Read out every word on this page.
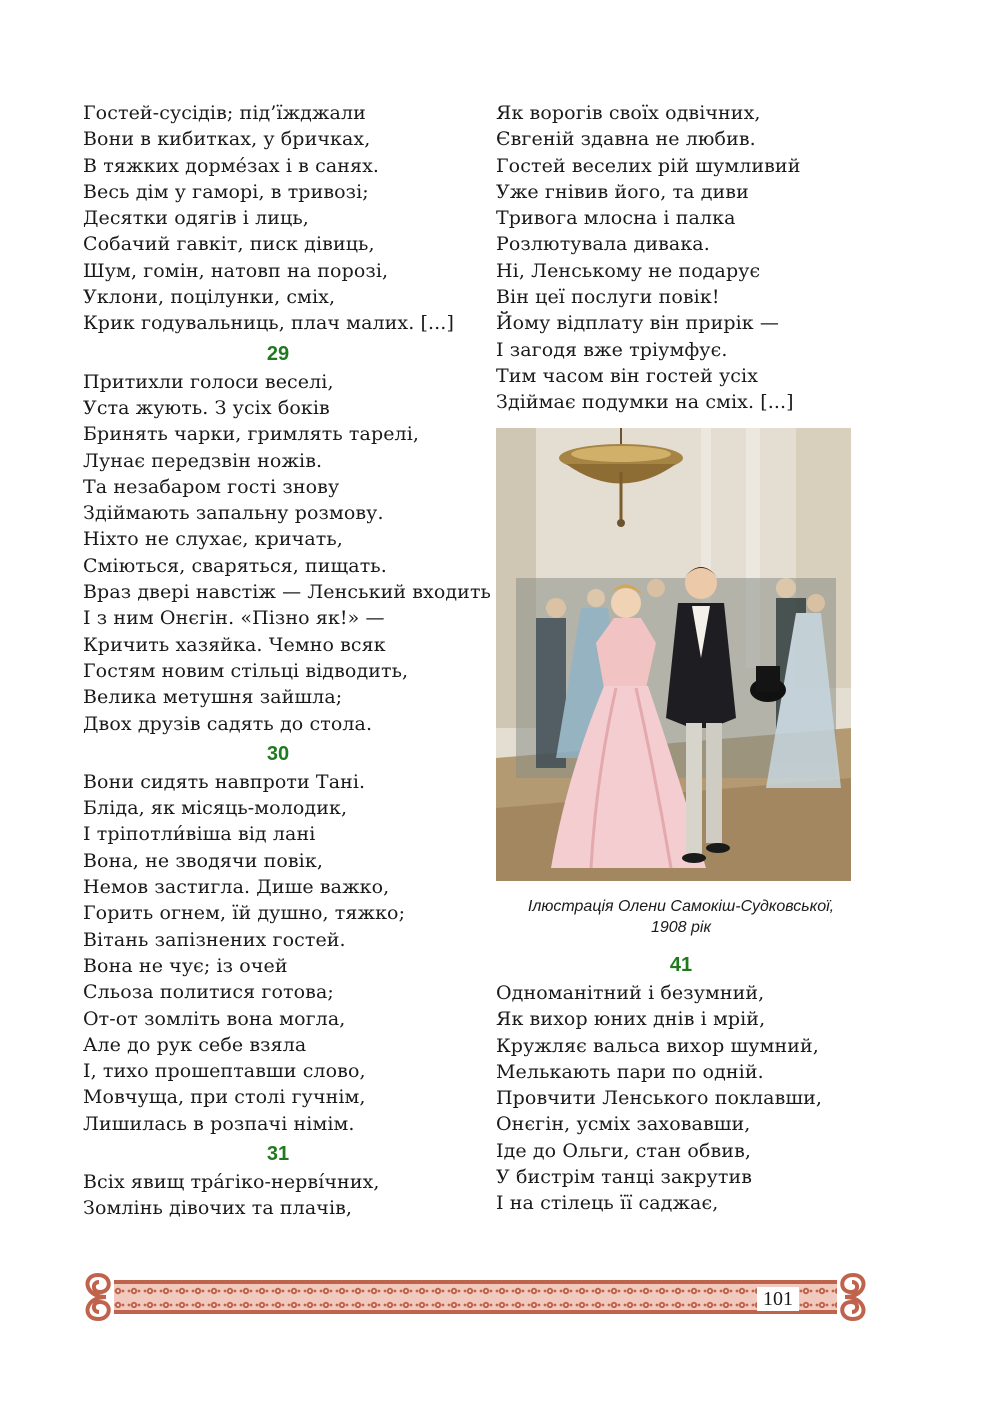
Гостей-сусідів; під’їжджали
Вони в кибитках, у бричках,
В тяжких дорме́зах і в санях.
Весь дім у гаморі, в тривозі;
Десятки одягів і лиць,
Собачий гавкіт, писк дівиць,
Шум, гомін, натовп на порозі,
Уклони, поцілунки, сміх,
Крик годувальниць, плач малих. [...]
29
Притихли голоси веселі,
Уста жують. З усіх боків
Бринять чарки, гримлять тарелі,
Лунає передзвін ножів.
Та незабаром гості знову
Здіймають запальну розмову.
Ніхто не слухає, кричать,
Сміються, сваряться, пищать.
Враз двері навстіж — Ленський входить
І з ним Онєгін. «Пізно як!» —
Кричить хазяйка. Чемно всяк
Гостям новим стільці відводить,
Велика метушня зайшла;
Двох друзів садять до стола.
30
Вони сидять навпроти Тані.
Бліда, як місяць-молодик,
І тріпотли́віша від лані
Вона, не зводячи повік,
Немов застигла. Дише важко,
Горить огнем, їй душно, тяжко;
Вітань запізнених гостей.
Вона не чує; із очей
Сльоза политися готова;
От-от зомліть вона могла,
Але до рук себе взяла
І, тихо прошептавши слово,
Мовчуща, при столі гучнім,
Лишилась в розпачі німім.
31
Всіх явищ тра́гіко-нерві́чних,
Зомлінь дівочих та плачів,
Як ворогів своїх одвічних,
Євгеній здавна не любив.
Гостей веселих рій шумливий
Уже гнівив його, та диви
Тривога млосна і палка
Розлютувала дивака.
Ні, Ленському не подарує
Він цеї послуги повік!
Йому відплату він прирік —
І загодя вже тріумфує.
Тим часом він гостей усіх
Здіймає подумки на сміх. [...]
Ілюстрація Олени Самокіш-Судковської,
1908 рік
41
Одноманітний і безумний,
Як вихор юних днів і мрій,
Кружляє вальса вихор шумний,
Мелькають пари по одній.
Провчити Ленського поклавши,
Онєгін, усміх заховавши,
Іде до Ольги, стан обвив,
У бистрім танці закрутив
І на стілець її саджає,
101
